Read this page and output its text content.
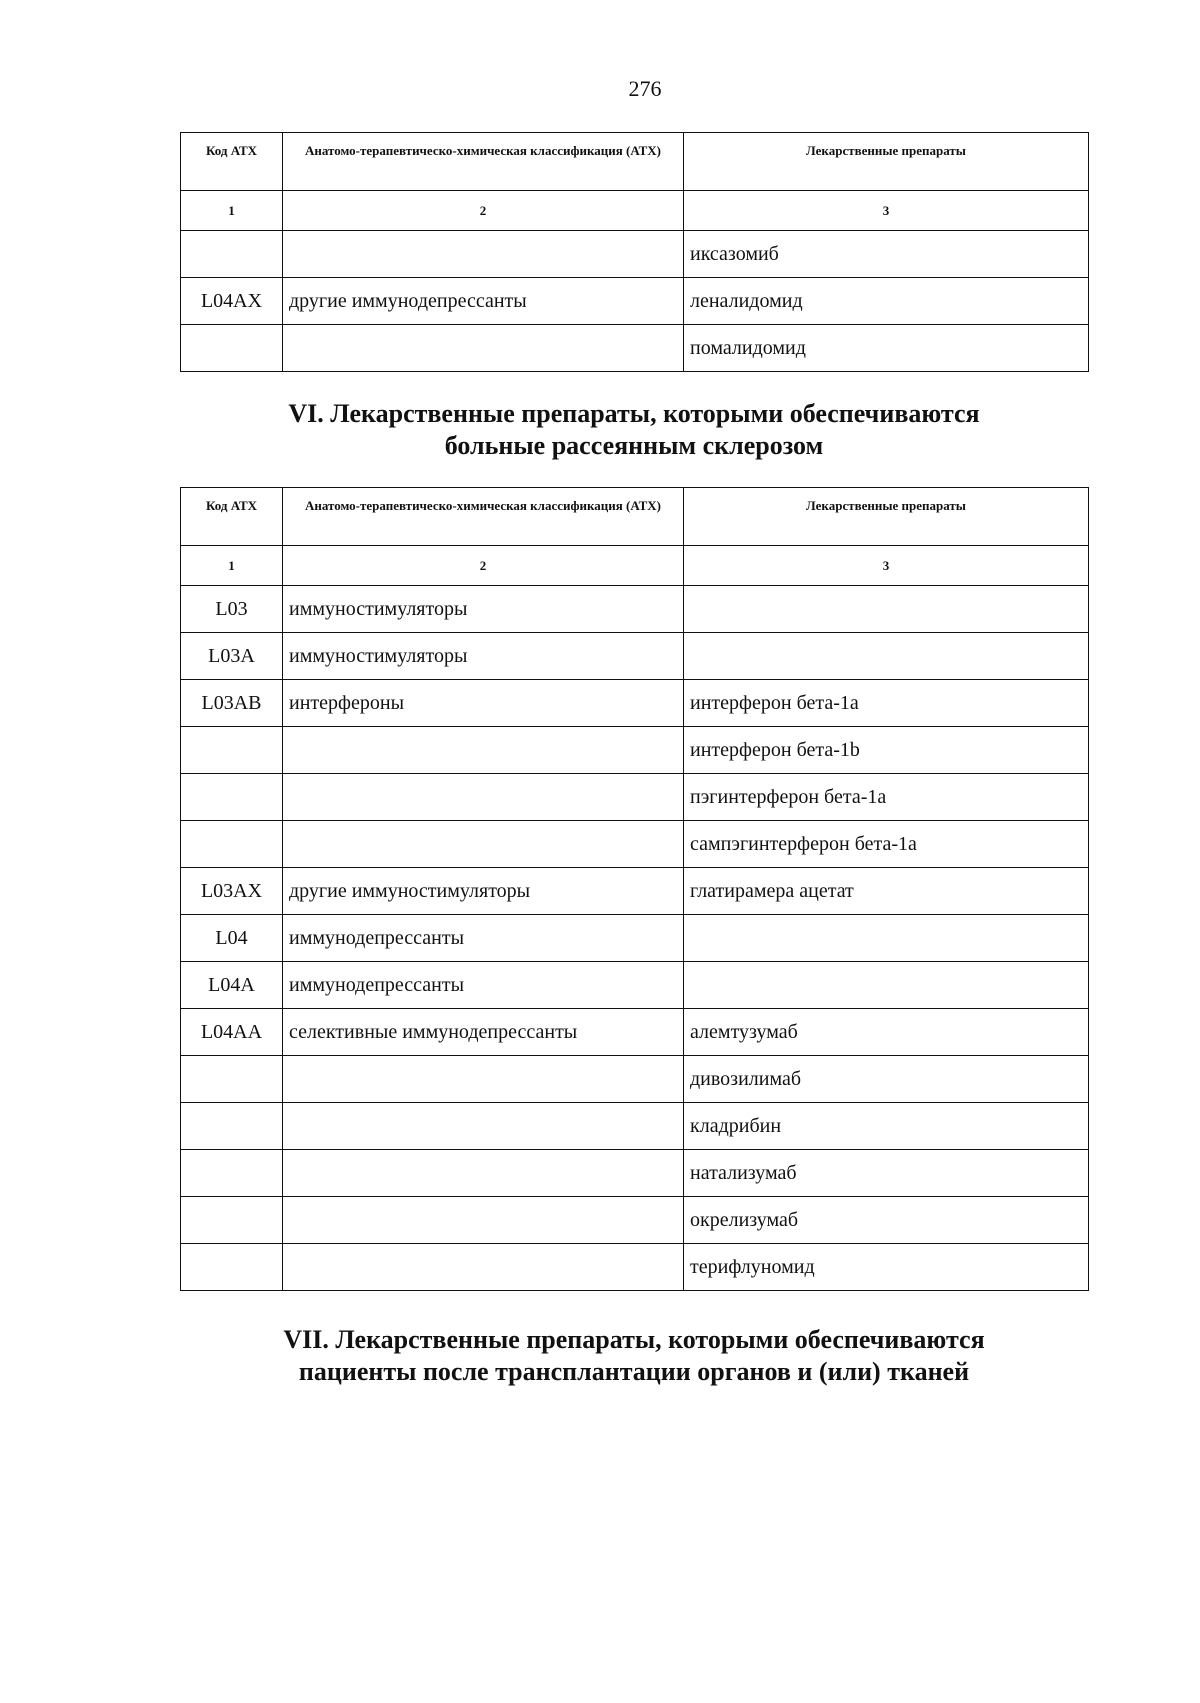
276
Код АТХ	Анатомо-терапевтическо-химическая классификация (АТХ)	Лекарственные препараты
1	2	3
		иксазомиб
L04AX	другие иммунодепрессанты	леналидомид
		помалидомид
VI. Лекарственные препараты, которыми обеспечиваются
больные рассеянным склерозом
Код АТХ	Анатомо-терапевтическо-химическая классификация (АТХ)	Лекарственные препараты
1	2	3
L03	иммуностимуляторы	
L03A	иммуностимуляторы	
L03AB	интерфероны	интерферон бета-1a
		интерферон бета-1b
		пэгинтерферон бета-1a
		сампэгинтерферон бета-1a
L03AX	другие иммуностимуляторы	глатирамера ацетат
L04	иммунодепрессанты	
L04A	иммунодепрессанты	
L04AA	селективные иммунодепрессанты	алемтузумаб
		дивозилимаб
		кладрибин
		натализумаб
		окрелизумаб
		терифлуномид
VII. Лекарственные препараты, которыми обеспечиваются
пациенты после трансплантации органов и (или) тканей
